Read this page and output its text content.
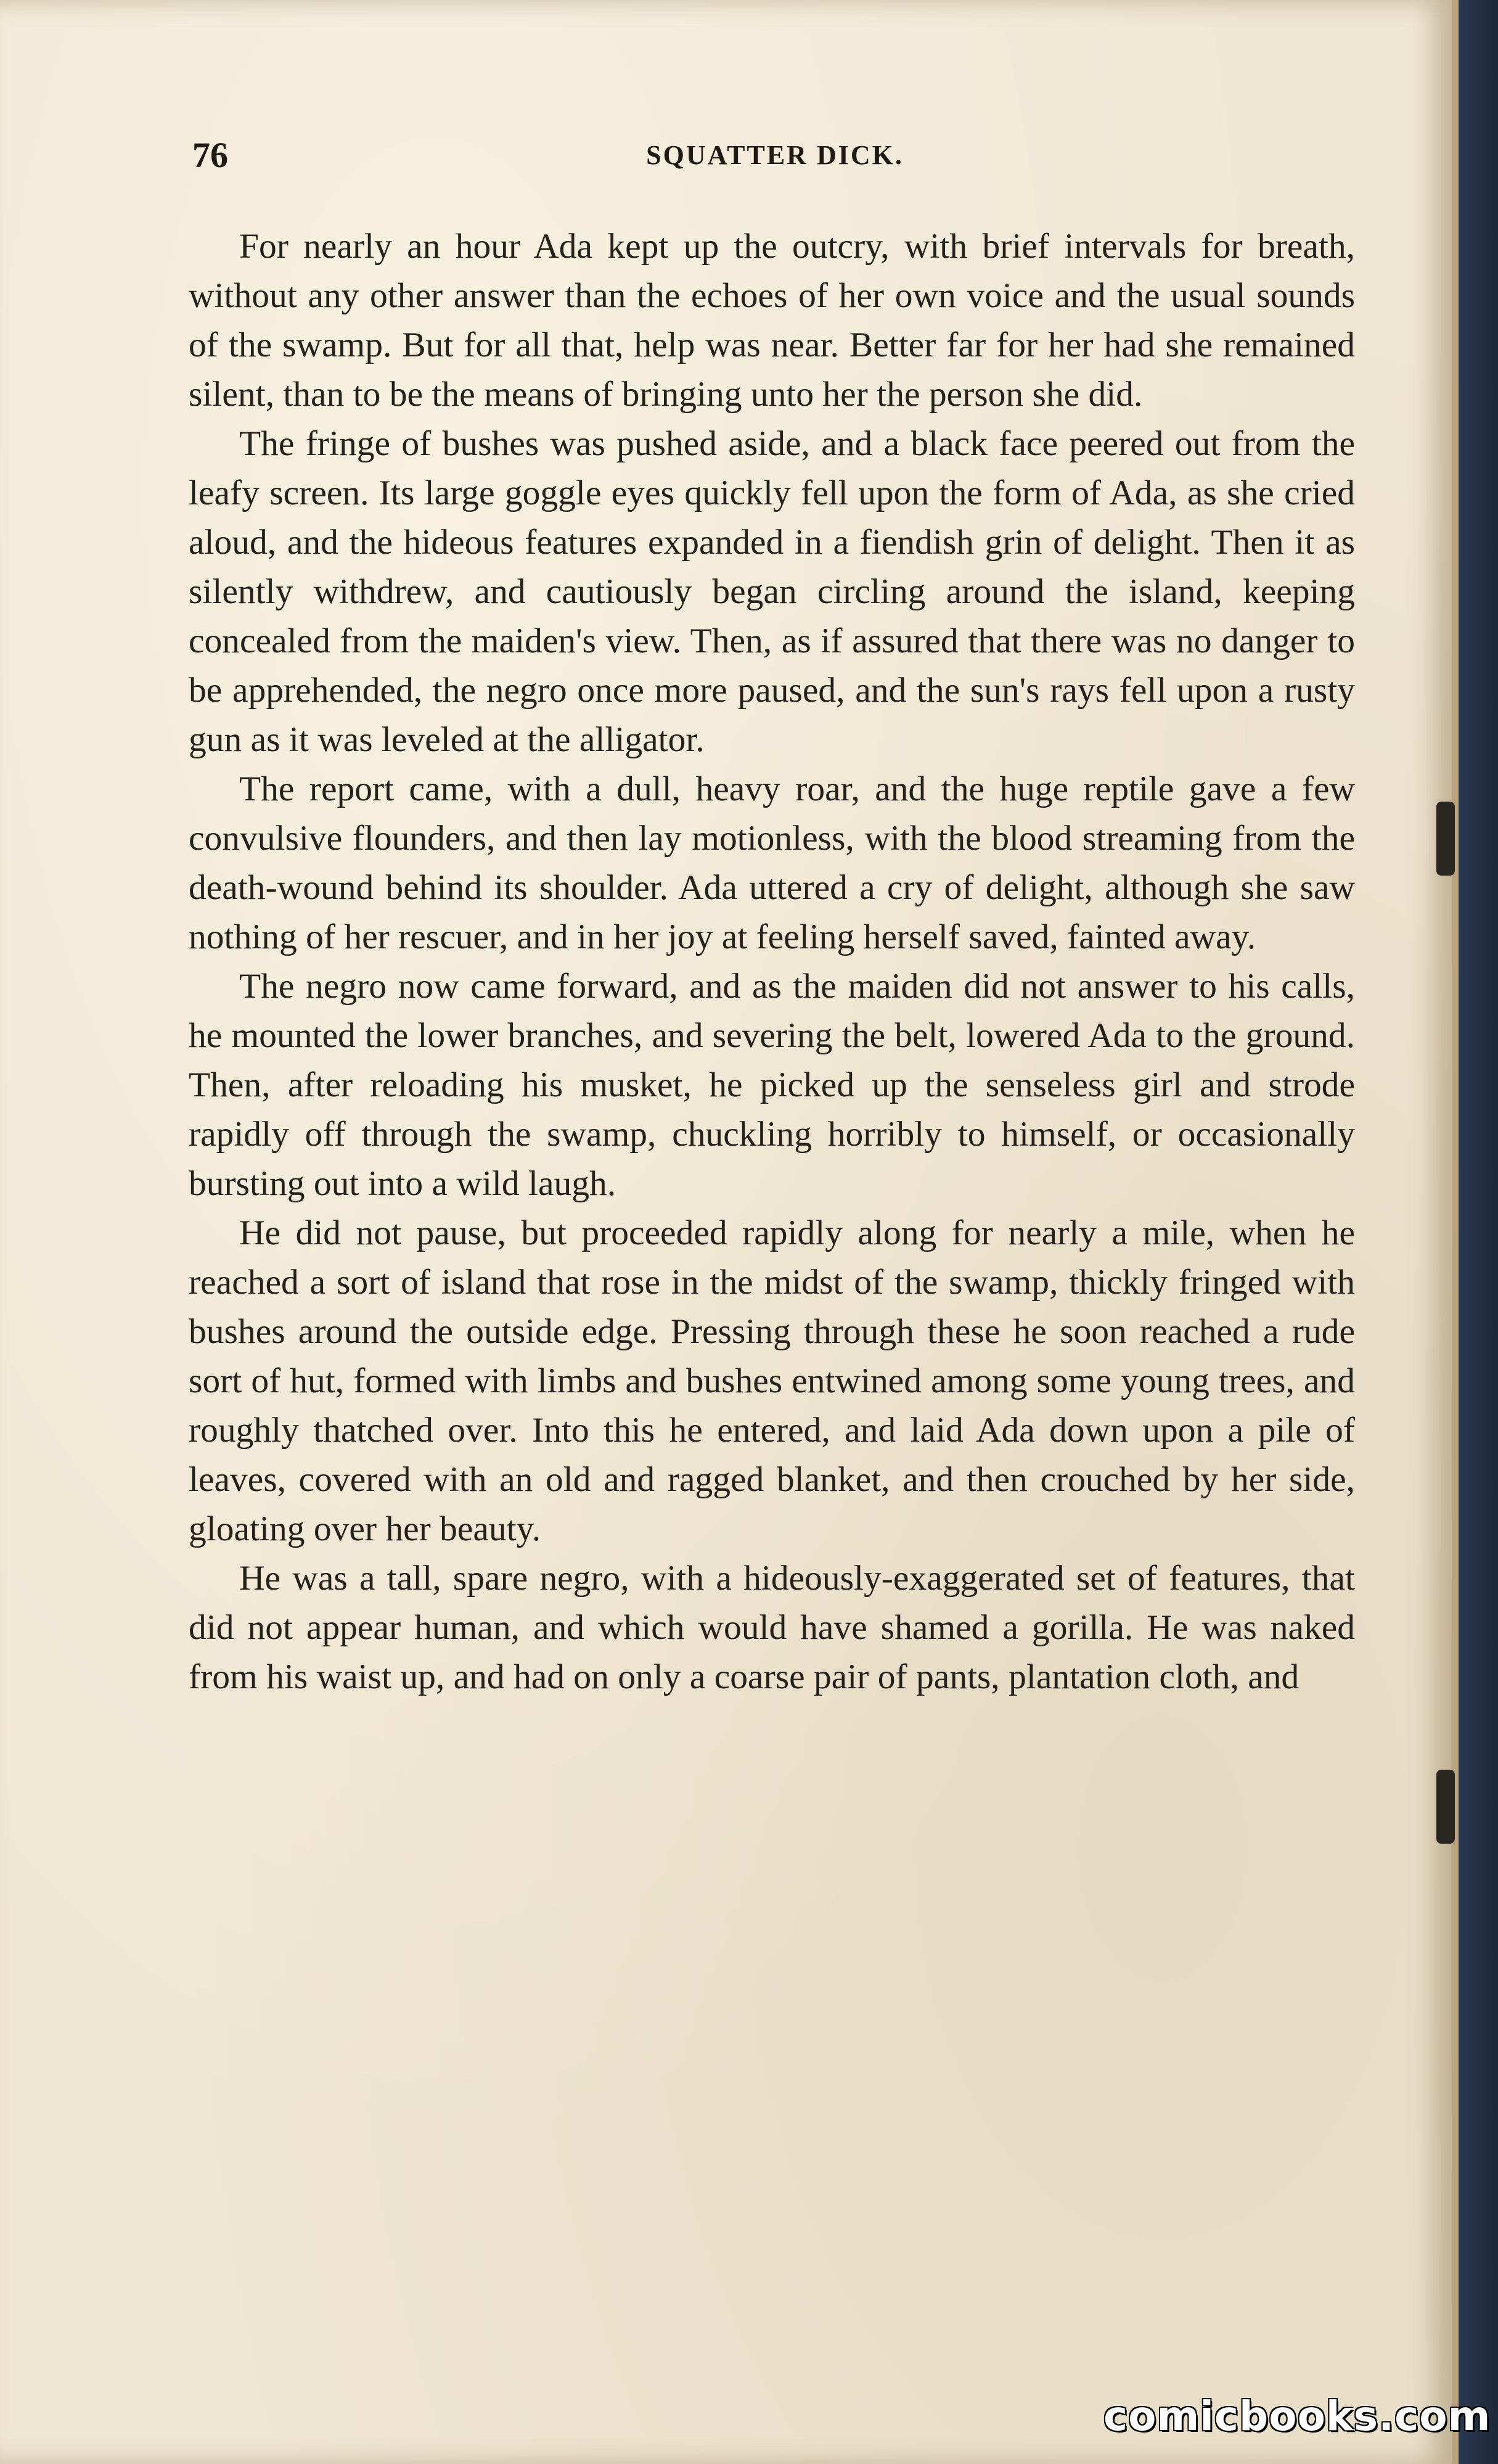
76	SQUATTER DICK.

For nearly an hour Ada kept up the outcry, with brief intervals for breath, without any other answer than the echoes of her own voice and the usual sounds of the swamp. But for all that, help was near. Better far for her had she remained silent, than to be the means of bringing unto her the person she did.

The fringe of bushes was pushed aside, and a black face peered out from the leafy screen. Its large goggle eyes quickly fell upon the form of Ada, as she cried aloud, and the hideous features expanded in a fiendish grin of delight. Then it as silently withdrew, and cautiously began circling around the island, keeping concealed from the maiden's view. Then, as if assured that there was no danger to be apprehended, the negro once more paused, and the sun's rays fell upon a rusty gun as it was leveled at the alligator.

The report came, with a dull, heavy roar, and the huge reptile gave a few convulsive flounders, and then lay motionless, with the blood streaming from the death-wound behind its shoulder. Ada uttered a cry of delight, although she saw nothing of her rescuer, and in her joy at feeling herself saved, fainted away.

The negro now came forward, and as the maiden did not answer to his calls, he mounted the lower branches, and severing the belt, lowered Ada to the ground. Then, after reloading his musket, he picked up the senseless girl and strode rapidly off through the swamp, chuckling horribly to himself, or occasionally bursting out into a wild laugh.

He did not pause, but proceeded rapidly along for nearly a mile, when he reached a sort of island that rose in the midst of the swamp, thickly fringed with bushes around the outside edge. Pressing through these he soon reached a rude sort of hut, formed with limbs and bushes entwined among some young trees, and roughly thatched over. Into this he entered, and laid Ada down upon a pile of leaves, covered with an old and ragged blanket, and then crouched by her side, gloating over her beauty.

He was a tall, spare negro, with a hideously-exaggerated set of features, that did not appear human, and which would have shamed a gorilla. He was naked from his waist up, and had on only a coarse pair of pants, plantation cloth, and

comicbooks.com
